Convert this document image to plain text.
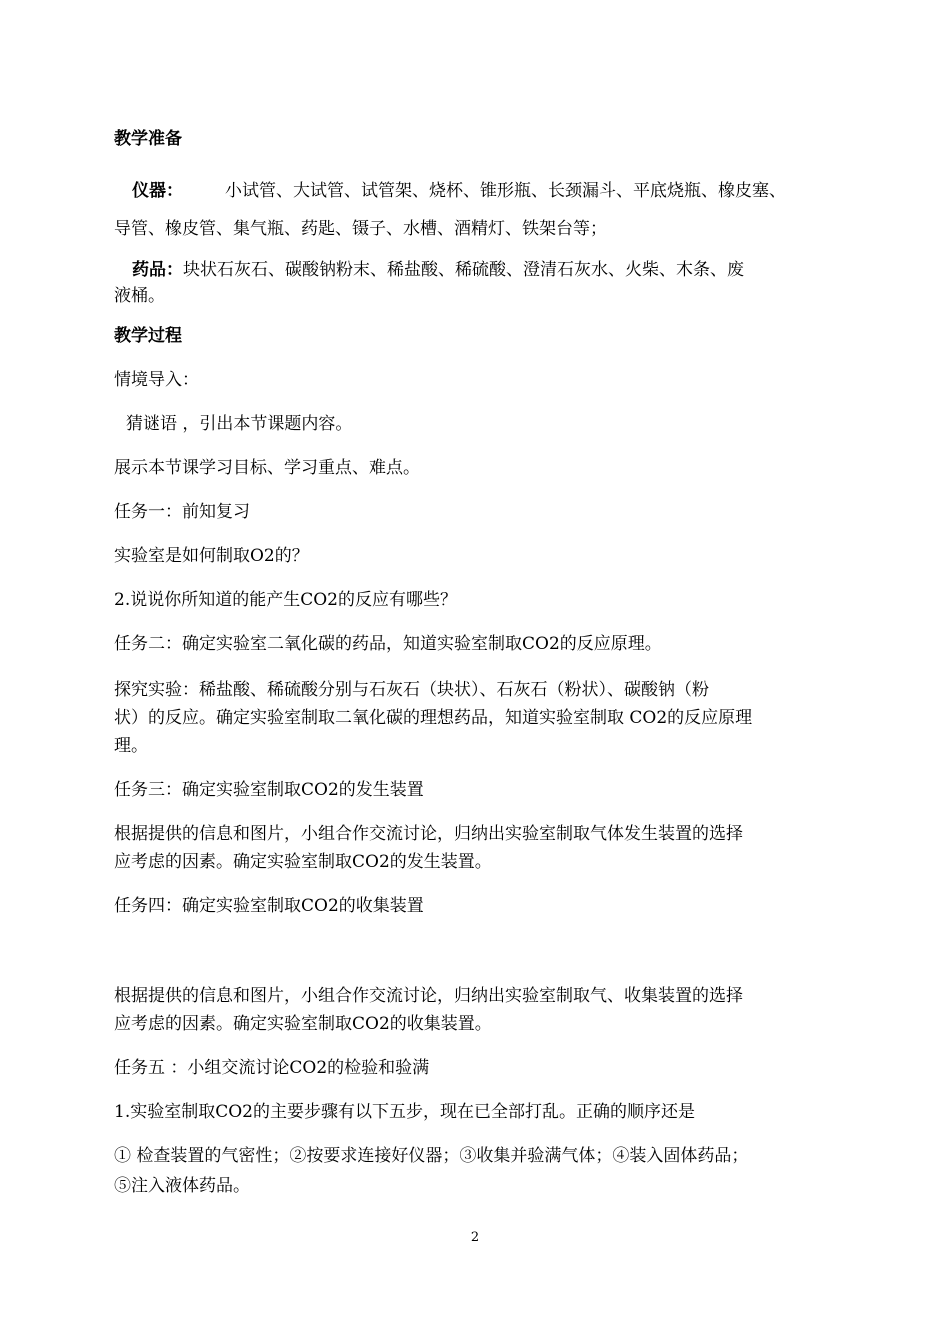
教学准备

仪器： 小试管、大试管、试管架、烧杯、锥形瓶、长颈漏斗、平底烧瓶、橡皮塞、

导管、橡皮管、集气瓶、药匙、镊子、水槽、酒精灯、铁架台等；

药品：块状石灰石、碳酸钠粉末、稀盐酸、稀硫酸、澄清石灰水、火柴、木条、废

液桶。

教学过程

情境导入：

猜谜语 ，引出本节课题内容。

展示本节课学习目标、学习重点、难点。

任务一：前知复习

实验室是如何制取O2的？

2.说说你所知道的能产生CO2的反应有哪些？

任务二：确定实验室二氧化碳的药品，知道实验室制取CO2的反应原理。

探究实验：稀盐酸、稀硫酸分别与石灰石（块状）、石灰石（粉状）、碳酸钠（粉

状）的反应。确定实验室制取二氧化碳的理想药品，知道实验室制取 CO2的反应原理

理。

任务三：确定实验室制取CO2的发生装置

根据提供的信息和图片，小组合作交流讨论，归纳出实验室制取气体发生装置的选择

应考虑的因素。确定实验室制取CO2的发生装置。

任务四：确定实验室制取CO2的收集装置

根据提供的信息和图片，小组合作交流讨论，归纳出实验室制取气、收集装置的选择

应考虑的因素。确定实验室制取CO2的收集装置。

任务五 ：小组交流讨论CO2的检验和验满

1.实验室制取CO2的主要步骤有以下五步，现在已全部打乱。正确的顺序还是

① 检查装置的气密性；②按要求连接好仪器；③收集并验满气体；④装入固体药品；

⑤注入液体药品。

2
